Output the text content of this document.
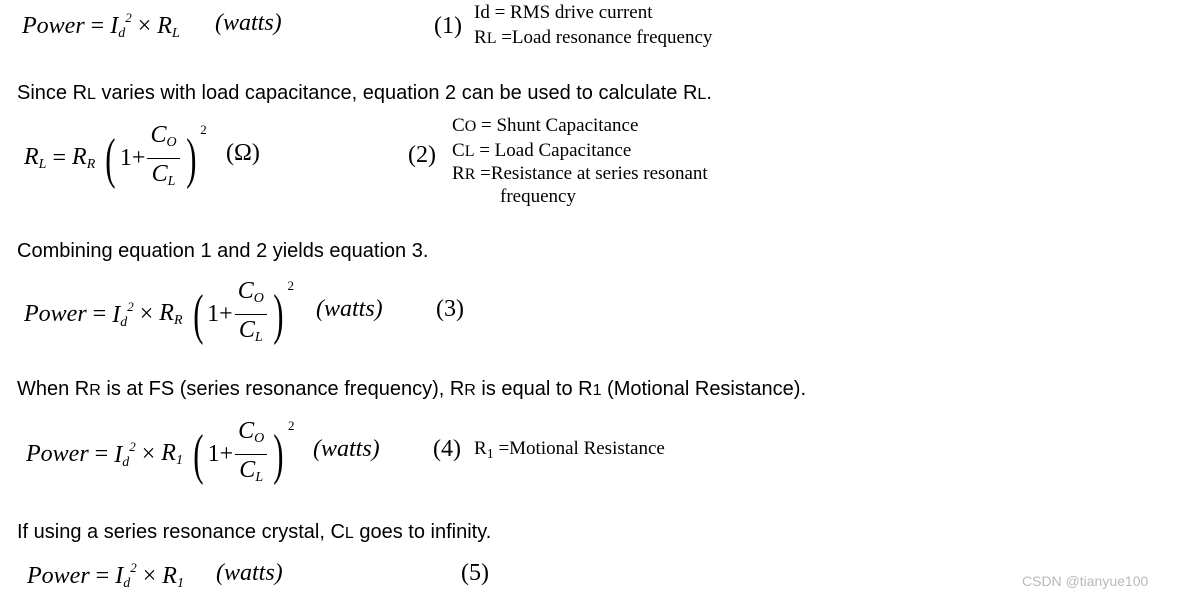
Power = $I_d^2 \times R_L$ (watts)	(1)
Id = RMS drive current
RL =Load resonance frequency
Since RL varies with load capacitance, equation 2 can be used to calculate RL.
$R_L = R_R$ ( $1+ \frac{C_O}{C_L}$ ) $^2$
(Ω)	(2)
CO = Shunt Capacitance
CL = Load Capacitance
RR =Resistance at series resonant
frequency
Combining equation 1 and 2 yields equation 3.
Power = $I_d^2 \times R_R$ ( $1+ \frac{C_O}{C_L}$ ) $^2$
(watts) (3)
When RR is at FS (series resonance frequency), RR is equal to R1 (Motional Resistance).
Power = $I_d^2 \times R_1$ ( $1+ \frac{C_O}{C_L}$ ) $^2$
(watts) (4) $R_1$ =Motional Resistance
If using a series resonance crystal, CL goes to infinity.
Power = $I_d^2 \times R_1$ (watts)	(5)	CSDN @tianyue100
